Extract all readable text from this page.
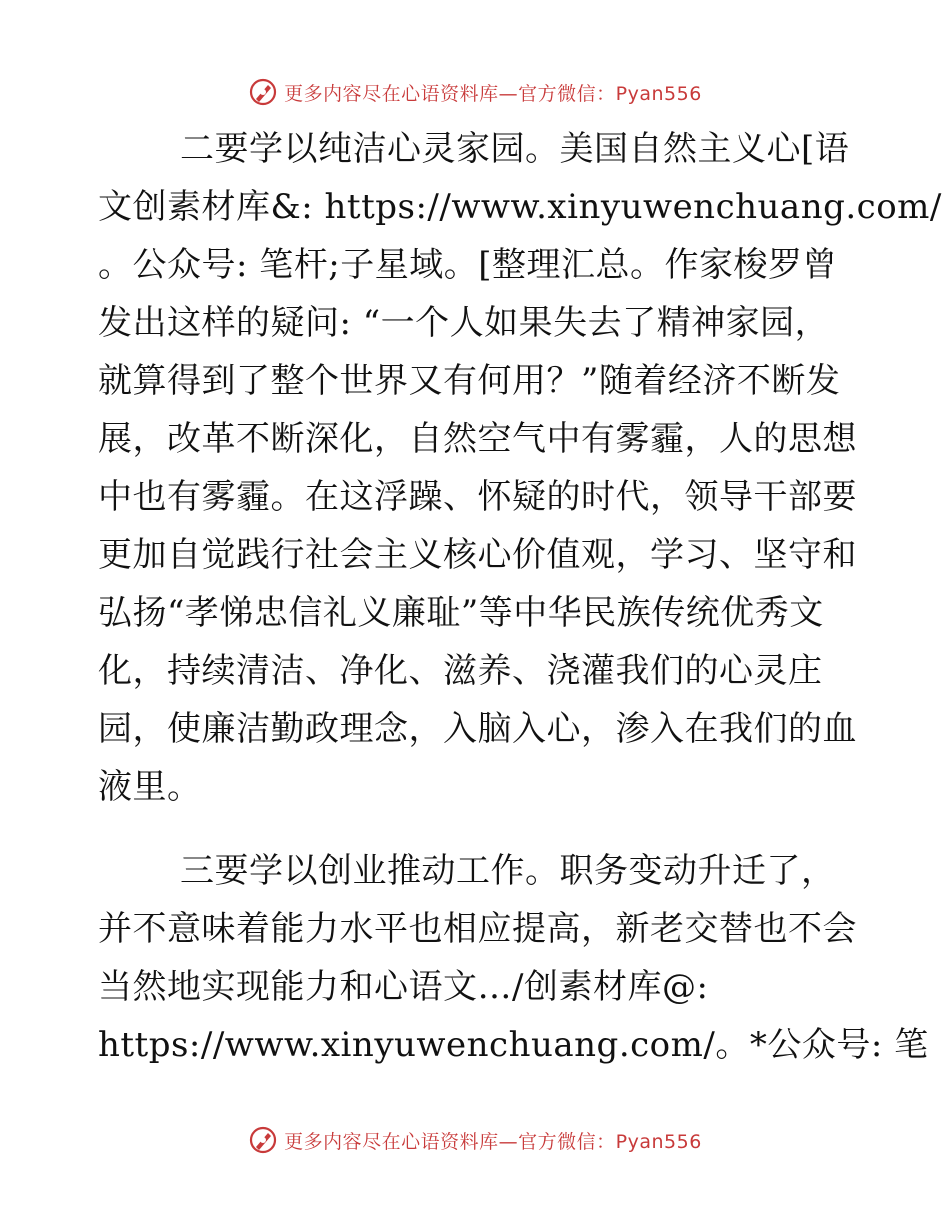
更多内容尽在心语资料库—官方微信：Pyan556
二要学以纯洁心灵家园。美国自然主义心[语
文创素材库&: https://www.xinyuwenchuang.com/
。公众号: 笔杆;子星域。[整理汇总。作家梭罗曾
发出这样的疑问: “一个人如果失去了精神家园，
就算得到了整个世界又有何用？”随着经济不断发
展，改革不断深化，自然空气中有雾霾，人的思想
中也有雾霾。在这浮躁、怀疑的时代，领导干部要
更加自觉践行社会主义核心价值观，学习、坚守和
弘扬“孝悌忠信礼义廉耻”等中华民族传统优秀文
化，持续清洁、净化、滋养、浇灌我们的心灵庄
园，使廉洁勤政理念，入脑入心，渗入在我们的血
液里。
三要学以创业推动工作。职务变动升迁了，
并不意味着能力水平也相应提高，新老交替也不会
当然地实现能力和心语文…/创素材库@:
https://www.xinyuwenchuang.com/。*公众号: 笔
更多内容尽在心语资料库—官方微信：Pyan556
